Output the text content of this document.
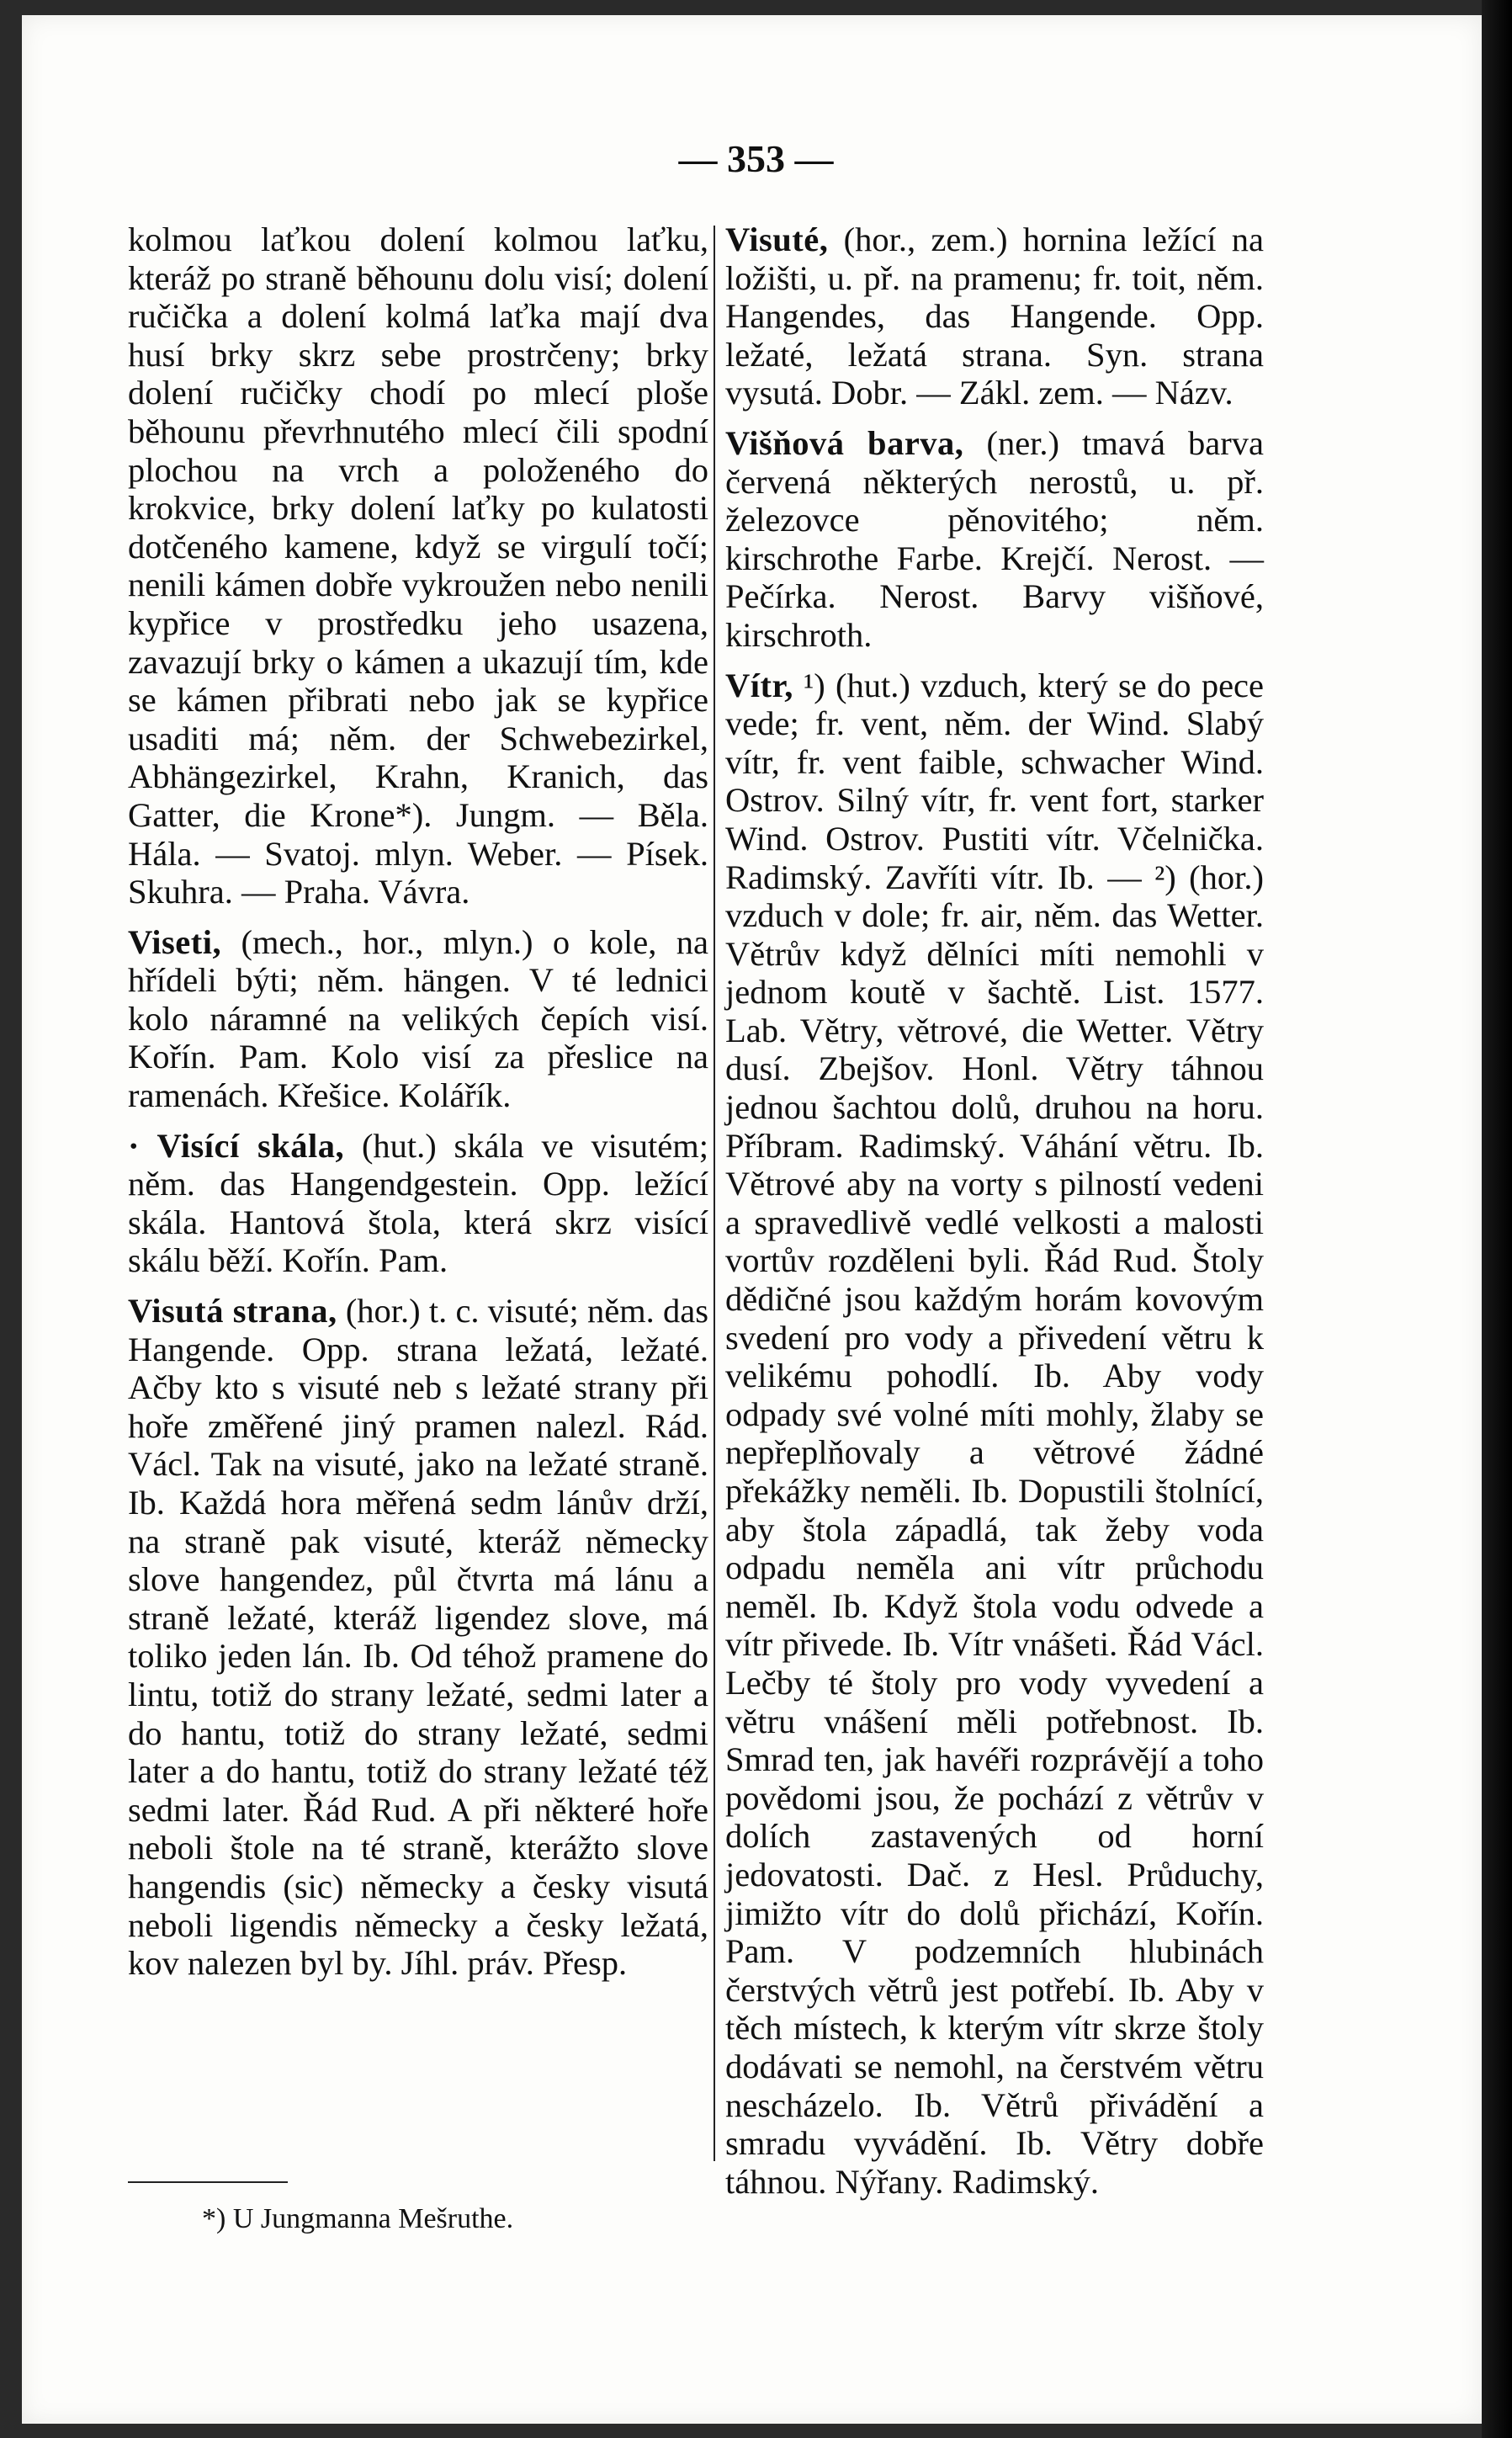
— 353 —

kolmou laťkou dolení kolmou laťku, kteráž po straně běhounu dolu visí; dolení ručička a dolení kolmá laťka mají dva husí brky skrz sebe prostrčeny; brky dolení ručičky chodí po mlecí ploše běhounu převrhnutého mlecí čili spodní plochou na vrch a položeného do krokvice, brky dolení laťky po kulatosti dotčeného kamene, když se virgulí točí; nenili kámen dobře vykroužen nebo nenili kypřice v prostředku jeho usazena, zavazují brky o kámen a ukazují tím, kde se kámen přibrati nebo jak se kypřice usaditi má; něm. der Schwebezirkel, Abhängezirkel, Krahn, Kranich, das Gatter, die Krone*). Jungm. — Běla. Hála. — Svatoj. mlyn. Weber. — Písek. Skuhra. — Praha. Vávra.

Viseti, (mech., hor., mlyn.) o kole, na hřídeli býti; něm. hängen. V té lednici kolo náramné na velikých čepích visí. Kořín. Pam. Kolo visí za přeslice na ramenách. Křešice. Kolářík.

· Visící skála, (hut.) skála ve visutém; něm. das Hangendgestein. Opp. ležící skála. Hantová štola, která skrz visící skálu běží. Kořín. Pam.

Visutá strana, (hor.) t. c. visuté; něm. das Hangende. Opp. strana ležatá, ležaté. Ačby kto s visuté neb s ležaté strany při hoře změřené jiný pramen nalezl. Rád. Václ. Tak na visuté, jako na ležaté straně. Ib. Každá hora měřená sedm lánův drží, na straně pak visuté, kteráž německy slove hangendez, půl čtvrta má lánu a straně ležaté, kteráž ligendez slove, má toliko jeden lán. Ib. Od téhož pramene do lintu, totiž do strany ležaté, sedmi later a do hantu, totiž do strany ležaté, sedmi later a do hantu, totiž do strany ležaté též sedmi later. Řád Rud. A při některé hoře neboli štole na té straně, kterážto slove hangendis (sic) německy a česky visutá neboli ligendis německy a česky ležatá, kov nalezen byl by. Jíhl. práv. Přesp.

Visuté, (hor., zem.) hornina ležící na ložišti, u. př. na pramenu; fr. toit, něm. Hangendes, das Hangende. Opp. ležaté, ležatá strana. Syn. strana vysutá. Dobr. — Zákl. zem. — Názv.

Višňová barva, (ner.) tmavá barva červená některých nerostů, u. př. železovce pěnovitého; něm. kirschrothe Farbe. Krejčí. Nerost. — Pečírka. Nerost. Barvy višňové, kirschroth.

Vítr, ¹) (hut.) vzduch, který se do pece vede; fr. vent, něm. der Wind. Slabý vítr, fr. vent faible, schwacher Wind. Ostrov. Silný vítr, fr. vent fort, starker Wind. Ostrov. Pustiti vítr. Včelnička. Radimský. Zavříti vítr. Ib. — ²) (hor.) vzduch v dole; fr. air, něm. das Wetter. Větrův když dělníci míti nemohli v jednom koutě v šachtě. List. 1577. Lab. Větry, větrové, die Wetter. Větry dusí. Zbejšov. Honl. Větry táhnou jednou šachtou dolů, druhou na horu. Příbram. Radimský. Váhání větru. Ib. Větrové aby na vorty s pilností vedeni a spravedlivě vedlé velkosti a malosti vortův rozděleni byli. Řád Rud. Štoly dědičné jsou každým horám kovovým svedení pro vody a přivedení větru k velikému pohodlí. Ib. Aby vody odpady své volné míti mohly, žlaby se nepřeplňovaly a větrové žádné překážky neměli. Ib. Dopustili štolnící, aby štola západlá, tak žeby voda odpadu neměla ani vítr průchodu neměl. Ib. Když štola vodu odvede a vítr přivede. Ib. Vítr vnášeti. Řád Václ. Lečby té štoly pro vody vyvedení a větru vnášení měli potřebnost. Ib. Smrad ten, jak havéři rozprávějí a toho povědomi jsou, že pochází z větrův v dolích zastavených od horní jedovatosti. Dač. z Hesl. Průduchy, jimižto vítr do dolů přichází, Kořín. Pam. V podzemních hlubinách čerstvých větrů jest potřebí. Ib. Aby v těch místech, k kterým vítr skrze štoly dodávati se nemohl, na čerstvém větru nescházelo. Ib. Větrů přivádění a smradu vyvádění. Ib. Větry dobře táhnou. Nýřany. Radimský.

*) U Jungmanna Mešruthe.
